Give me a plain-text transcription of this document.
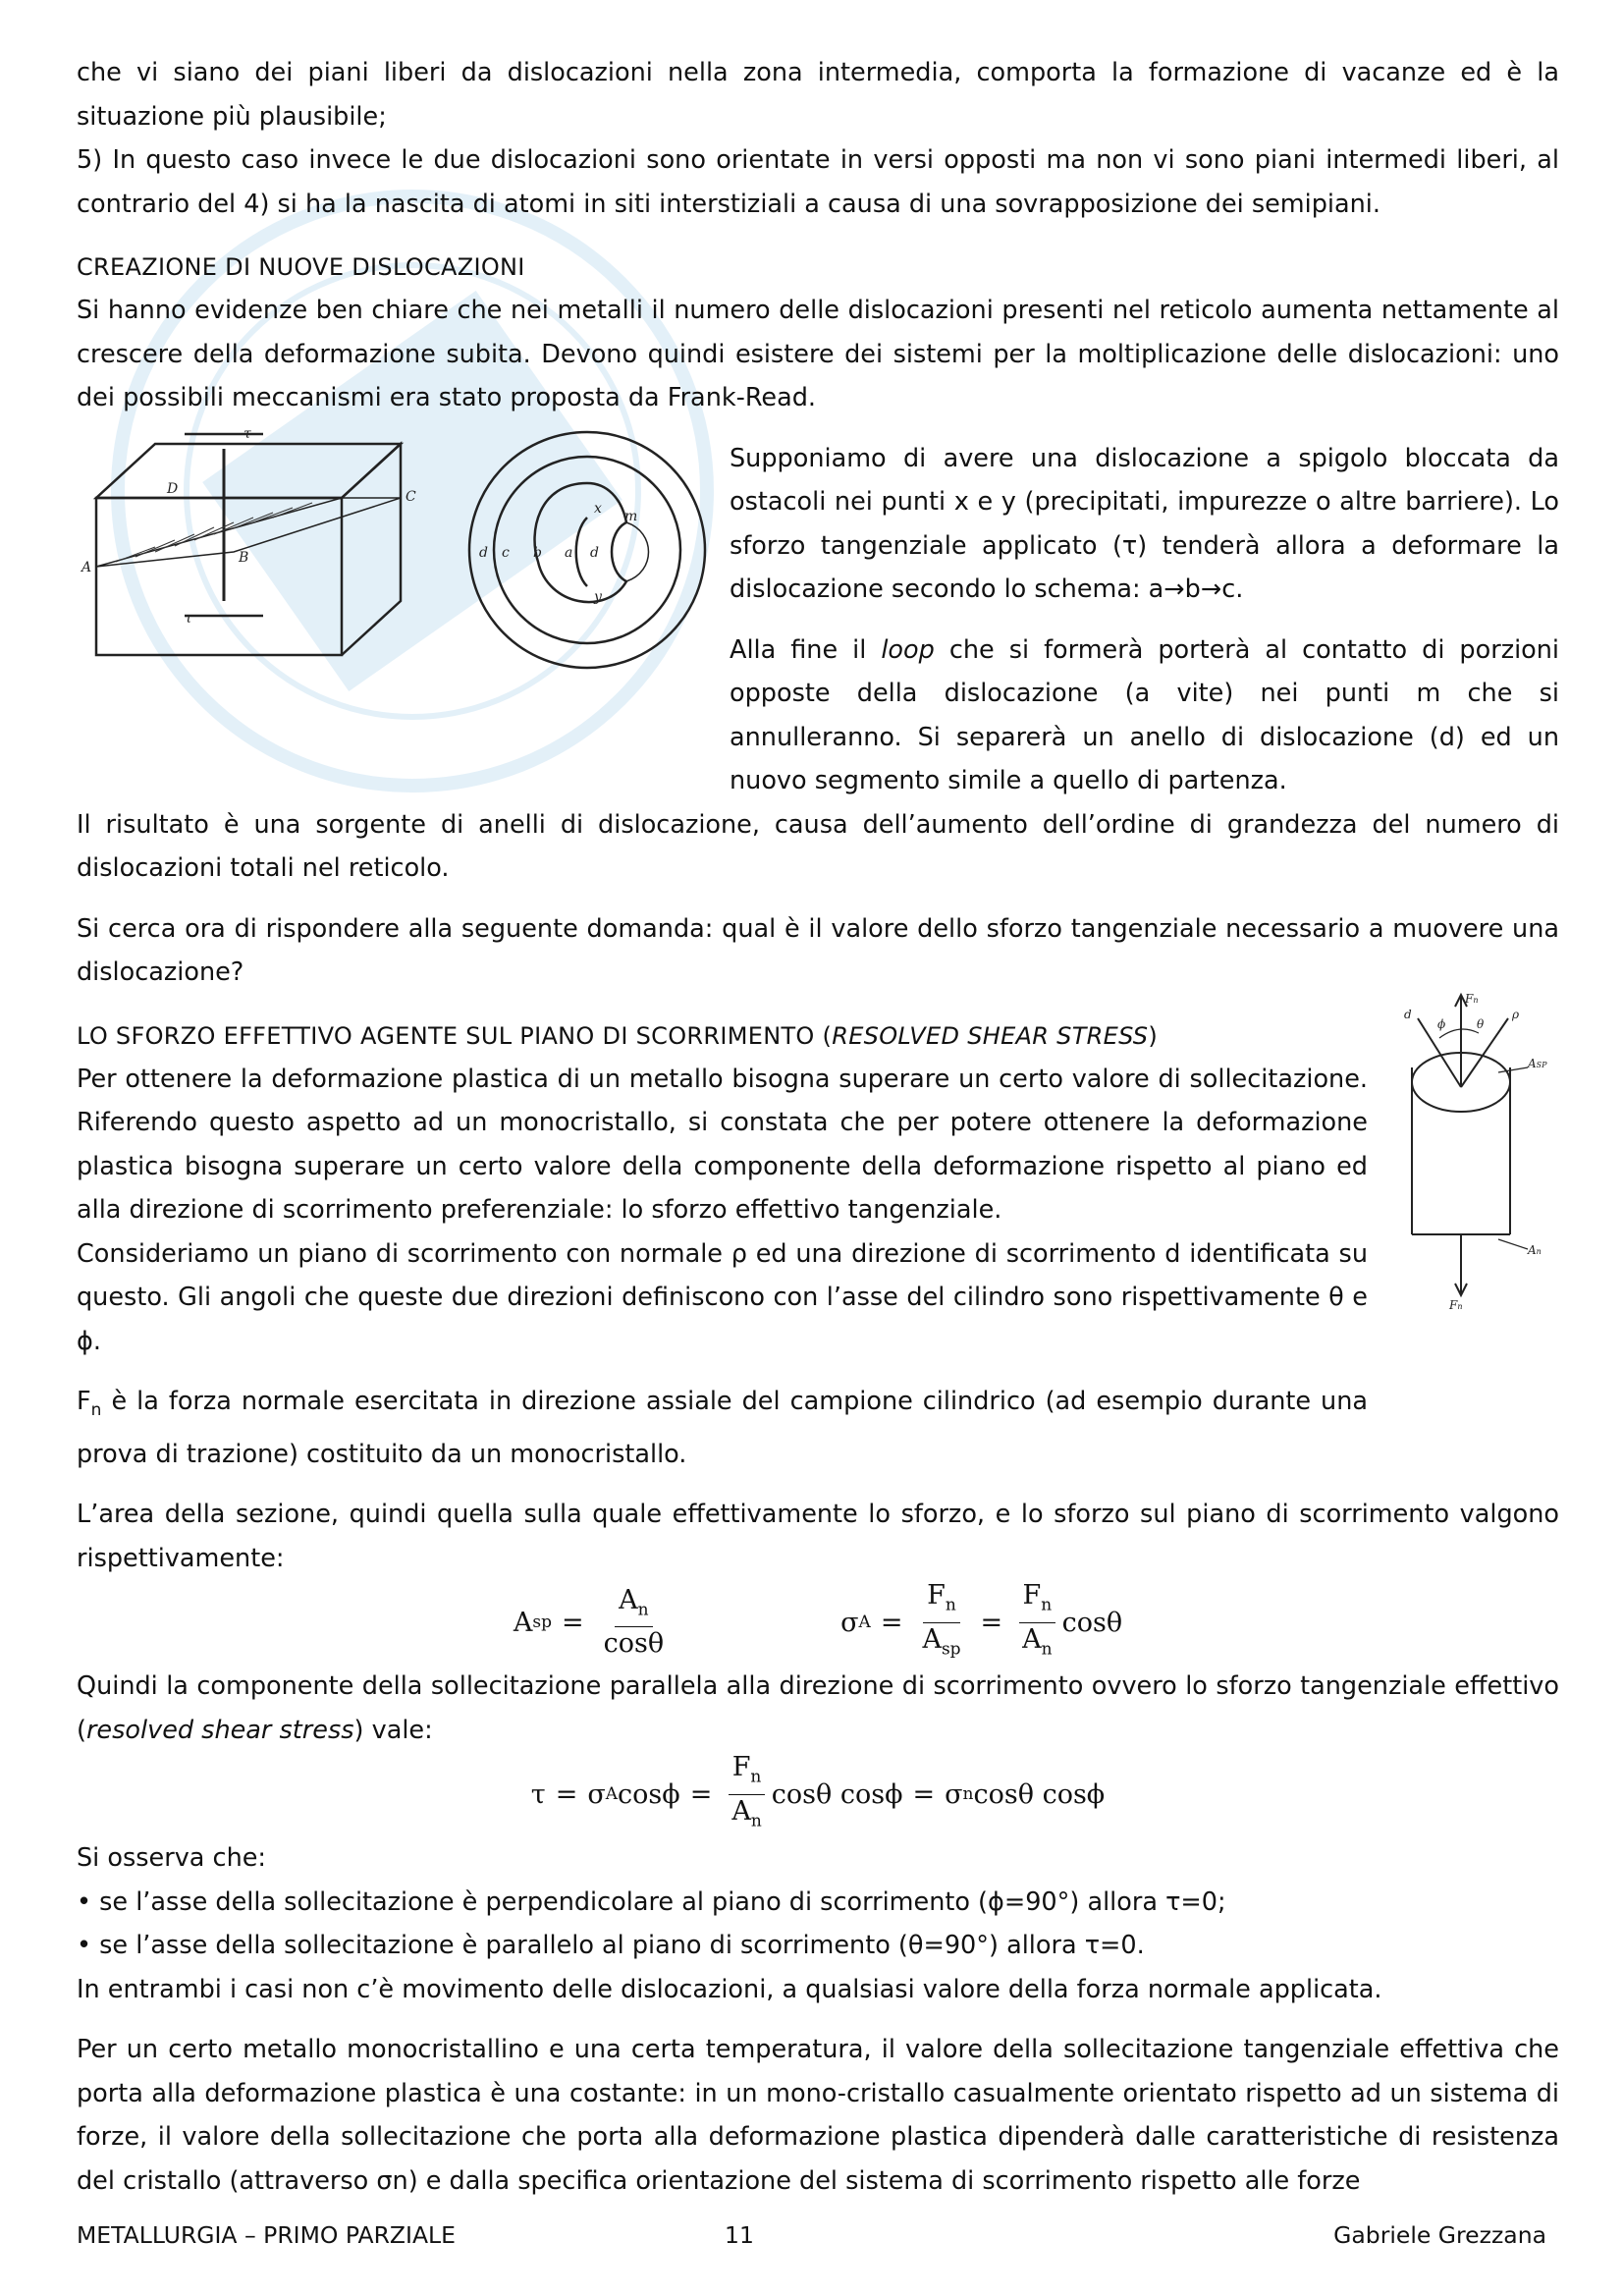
che vi siano dei piani liberi da dislocazioni nella zona intermedia, comporta la formazione di vacanze ed è la situazione più plausibile;

5) In questo caso invece le due dislocazioni sono orientate in versi opposti ma non vi sono piani intermedi liberi, al contrario del 4) si ha la nascita di atomi in siti interstiziali a causa di una sovrapposizione dei semipiani.

CREAZIONE DI NUOVE DISLOCAZIONI

Si hanno evidenze ben chiare che nei metalli il numero delle dislocazioni presenti nel reticolo aumenta nettamente al crescere della deformazione subita. Devono quindi esistere dei sistemi per la moltiplicazione delle dislocazioni: uno dei possibili meccanismi era stato proposta da Frank-Read.

Supponiamo di avere una dislocazione a spigolo bloccata da ostacoli nei punti x e y (precipitati, impurezze o altre barriere). Lo sforzo tangenziale applicato (τ) tenderà allora a deformare la dislocazione secondo lo schema: a→b→c.

Alla fine il loop che si formerà porterà al contatto di porzioni opposte della dislocazione (a vite) nei punti m che si annulleranno. Si separerà un anello di dislocazione (d) ed un nuovo segmento simile a quello di partenza.

Il risultato è una sorgente di anelli di dislocazione, causa dell’aumento dell’ordine di grandezza del numero di dislocazioni totali nel reticolo.

Si cerca ora di rispondere alla seguente domanda: qual è il valore dello sforzo tangenziale necessario a muovere una dislocazione?

LO SFORZO EFFETTIVO AGENTE SUL PIANO DI SCORRIMENTO (RESOLVED SHEAR STRESS)

Per ottenere la deformazione plastica di un metallo bisogna superare un certo valore di sollecitazione. Riferendo questo aspetto ad un monocristallo, si constata che per potere ottenere la deformazione plastica bisogna superare un certo valore della componente della deformazione rispetto al piano ed alla direzione di scorrimento preferenziale: lo sforzo effettivo tangenziale.

Consideriamo un piano di scorrimento con normale ρ ed una direzione di scorrimento d identificata su questo. Gli angoli che queste due direzioni definiscono con l’asse del cilindro sono rispettivamente θ e ϕ.

$F_n$ è la forza normale esercitata in direzione assiale del campione cilindrico (ad esempio durante una prova di trazione) costituito da un monocristallo.

L’area della sezione, quindi quella sulla quale effettivamente lo sforzo, e lo sforzo sul piano di scorrimento valgono rispettivamente:

A sp = $\frac{A_n}{\cos\theta}$	σ $A = \frac{F_n}{A_{sp}} = \frac{F_n}{A_n}$ cosθ

Quindi la componente della sollecitazione parallela alla direzione di scorrimento ovvero lo sforzo tangenziale effettivo (resolved shear stress) vale:

τ = σ A $\cos\phi = \frac{F_n}{A_n}$ cosθ cosϕ = σ n cosθ cosϕ

Si osserva che:

• se l’asse della sollecitazione è perpendicolare al piano di scorrimento (ϕ=90°) allora τ=0;

• se l’asse della sollecitazione è parallelo al piano di scorrimento (θ=90°) allora τ=0.

In entrambi i casi non c’è movimento delle dislocazioni, a qualsiasi valore della forza normale applicata.

Per un certo metallo monocristallino e una certa temperatura, il valore della sollecitazione tangenziale effettiva che porta alla deformazione plastica è una costante: in un mono-cristallo casualmente orientato rispetto ad un sistema di forze, il valore della sollecitazione che porta alla deformazione plastica dipenderà dalle caratteristiche di resistenza del cristallo (attraverso σn) e dalla specifica orientazione del sistema di scorrimento rispetto alle forze

τ
D	C
A
B
τ
d c b a d
x
y
m
Fn
d
ϕ	θ
ρ
ASP
An
Fn
METALLURGIA – PRIMO PARZIALE	11	Gabriele Grezzana
